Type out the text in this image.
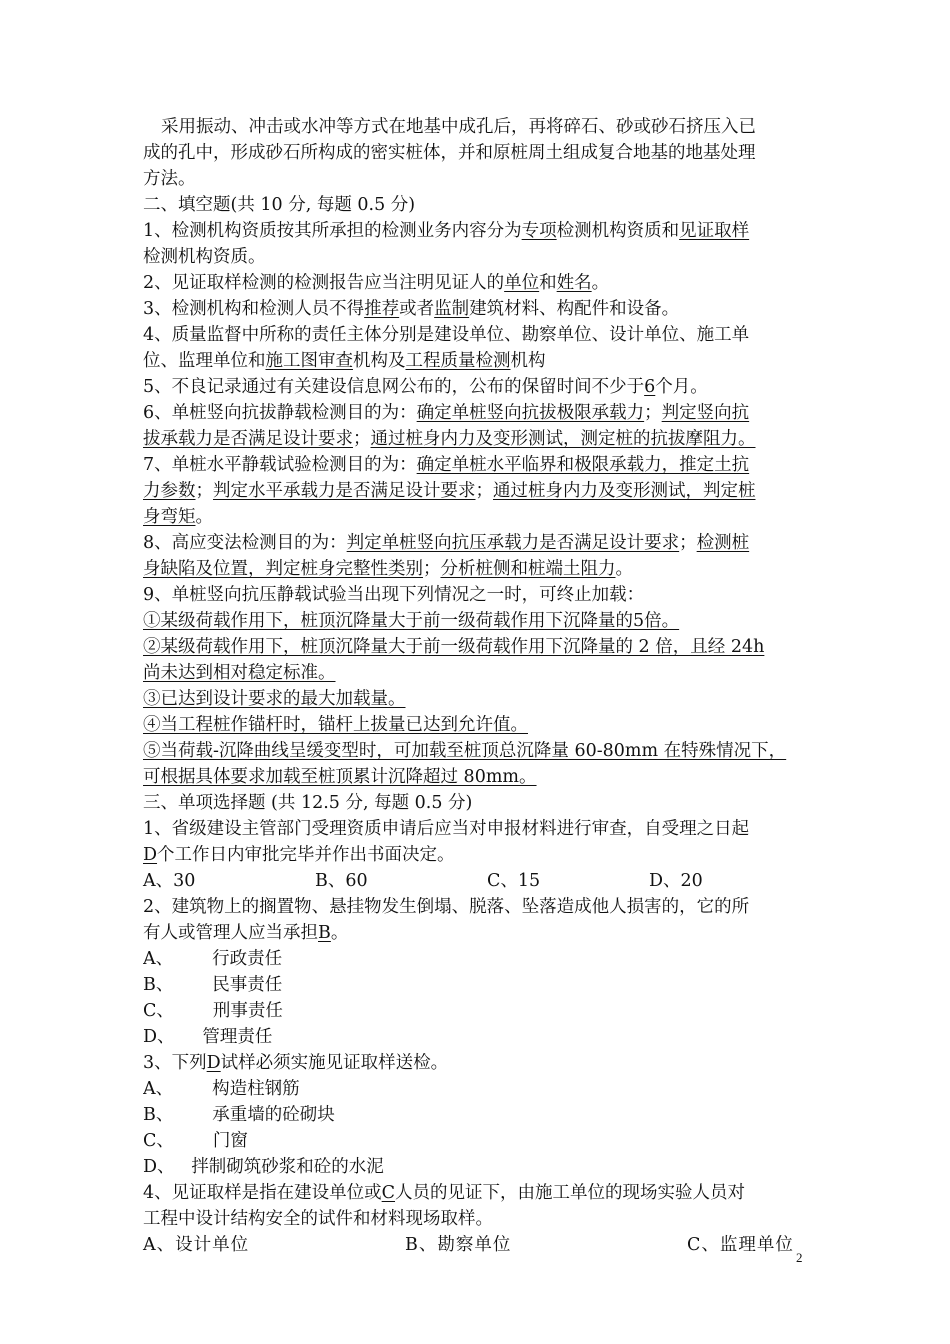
采用振动、冲击或水冲等方式在地基中成孔后，再将碎石、砂或砂石挤压入已

成的孔中，形成砂石所构成的密实桩体，并和原桩周土组成复合地基的地基处理

方法。

二、填空题(共 10 分, 每题 0.5 分)

1、检测机构资质按其所承担的检测业务内容分为专项检测机构资质和见证取样

检测机构资质。

2、见证取样检测的检测报告应当注明见证人的单位和姓名。

3、检测机构和检测人员不得推荐或者监制建筑材料、构配件和设备。

4、质量监督中所称的责任主体分别是建设单位、勘察单位、设计单位、施工单

位、监理单位和施工图审查机构及工程质量检测机构

5、不良记录通过有关建设信息网公布的，公布的保留时间不少于6个月。

6、单桩竖向抗拔静载检测目的为：确定单桩竖向抗拔极限承载力；判定竖向抗

拔承载力是否满足设计要求；通过桩身内力及变形测试，测定桩的抗拔摩阻力。

7、单桩水平静载试验检测目的为：确定单桩水平临界和极限承载力，推定土抗

力参数；判定水平承载力是否满足设计要求；通过桩身内力及变形测试，判定桩

身弯矩。

8、高应变法检测目的为：判定单桩竖向抗压承载力是否满足设计要求；检测桩

身缺陷及位置，判定桩身完整性类别；分析桩侧和桩端土阻力。

9、单桩竖向抗压静载试验当出现下列情况之一时，可终止加载：

①某级荷载作用下，桩顶沉降量大于前一级荷载作用下沉降量的5倍。

②某级荷载作用下，桩顶沉降量大于前一级荷载作用下沉降量的 2 倍，且经 24h

尚未达到相对稳定标准。

③已达到设计要求的最大加载量。

④当工程桩作锚杆时，锚杆上拔量已达到允许值。

⑤当荷载-沉降曲线呈缓变型时，可加载至桩顶总沉降量 60-80mm 在特殊情况下，

可根据具体要求加载至桩顶累计沉降超过 80mm。

三、单项选择题 (共 12.5 分, 每题 0.5 分)

1、省级建设主管部门受理资质申请后应当对申报材料进行审查，自受理之日起

D个工作日内审批完毕并作出书面决定。

A、30	B、60	C、15	D、20

2、建筑物上的搁置物、悬挂物发生倒塌、脱落、坠落造成他人损害的，它的所

有人或管理人应当承担B。

A、       行政责任

B、       民事责任

C、       刑事责任

D、     管理责任

3、下列D试样必须实施见证取样送检。

A、       构造柱钢筋

B、       承重墙的砼砌块

C、       门窗

D、   拌制砌筑砂浆和砼的水泥

4、见证取样是指在建设单位或C人员的见证下，由施工单位的现场实验人员对

工程中设计结构安全的试件和材料现场取样。

A、设计单位	B、勘察单位	C、监理单位
2
